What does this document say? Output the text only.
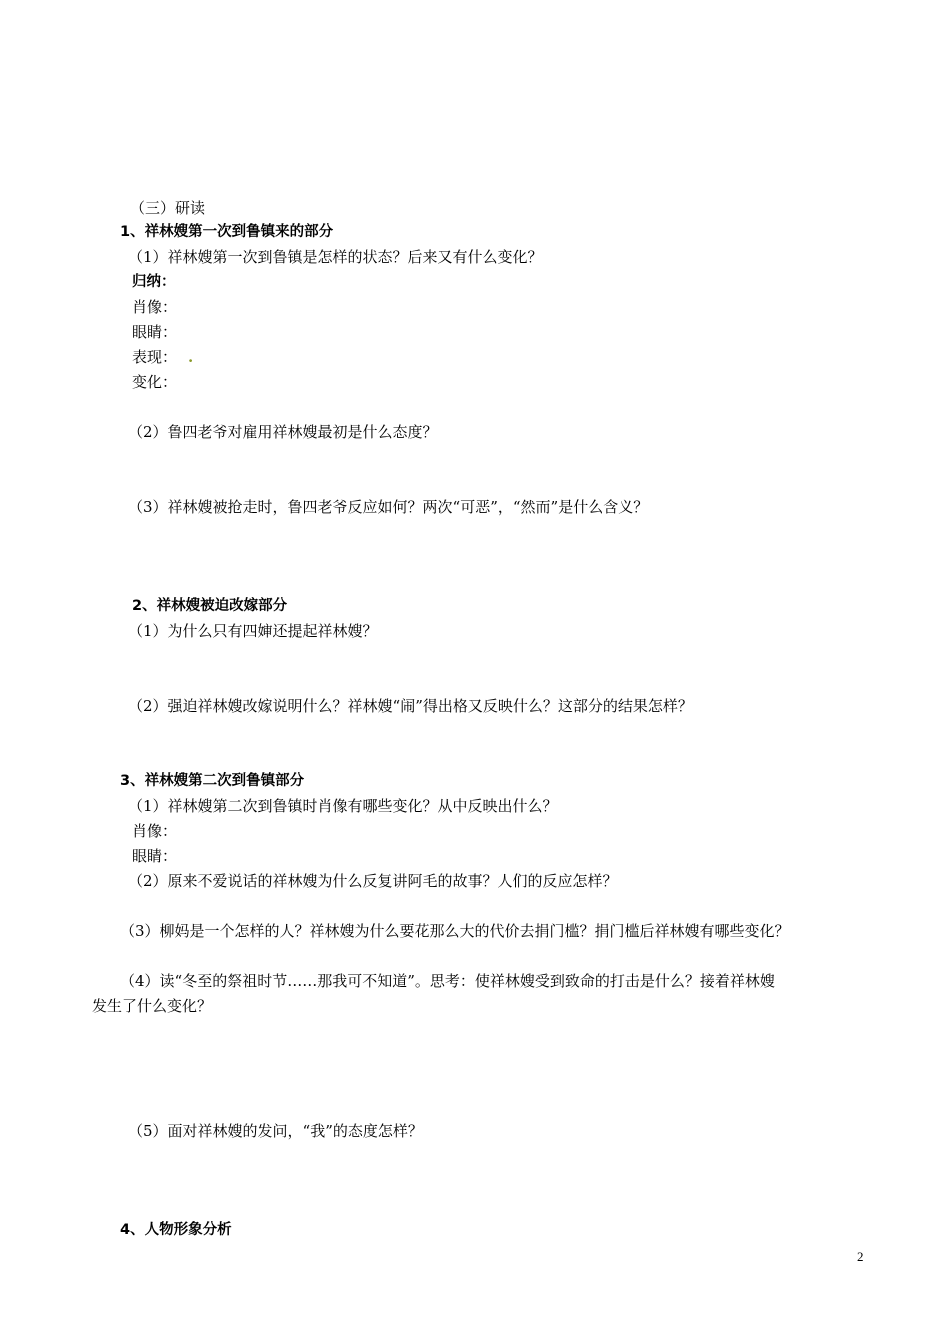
（三）研读
1、祥林嫂第一次到鲁镇来的部分
（1）祥林嫂第一次到鲁镇是怎样的状态？后来又有什么变化？
归纳：
肖像：
眼睛：
表现： .
变化：
（2）鲁四老爷对雇用祥林嫂最初是什么态度？
（3）祥林嫂被抢走时，鲁四老爷反应如何？两次“可恶”，“然而”是什么含义？
2、祥林嫂被迫改嫁部分
（1）为什么只有四婶还提起祥林嫂？
（2）强迫祥林嫂改嫁说明什么？祥林嫂“闹”得出格又反映什么？这部分的结果怎样？
3、祥林嫂第二次到鲁镇部分
（1）祥林嫂第二次到鲁镇时肖像有哪些变化？从中反映出什么？
肖像：
眼睛：
（2）原来不爱说话的祥林嫂为什么反复讲阿毛的故事？人们的反应怎样？
（3）柳妈是一个怎样的人？祥林嫂为什么要花那么大的代价去捐门槛？捐门槛后祥林嫂有哪些变化？
（4）读“冬至的祭祖时节……那我可不知道”。思考：使祥林嫂受到致命的打击是什么？接着祥林嫂
发生了什么变化？
（5）面对祥林嫂的发问，“我”的态度怎样？
4、人物形象分析
2
